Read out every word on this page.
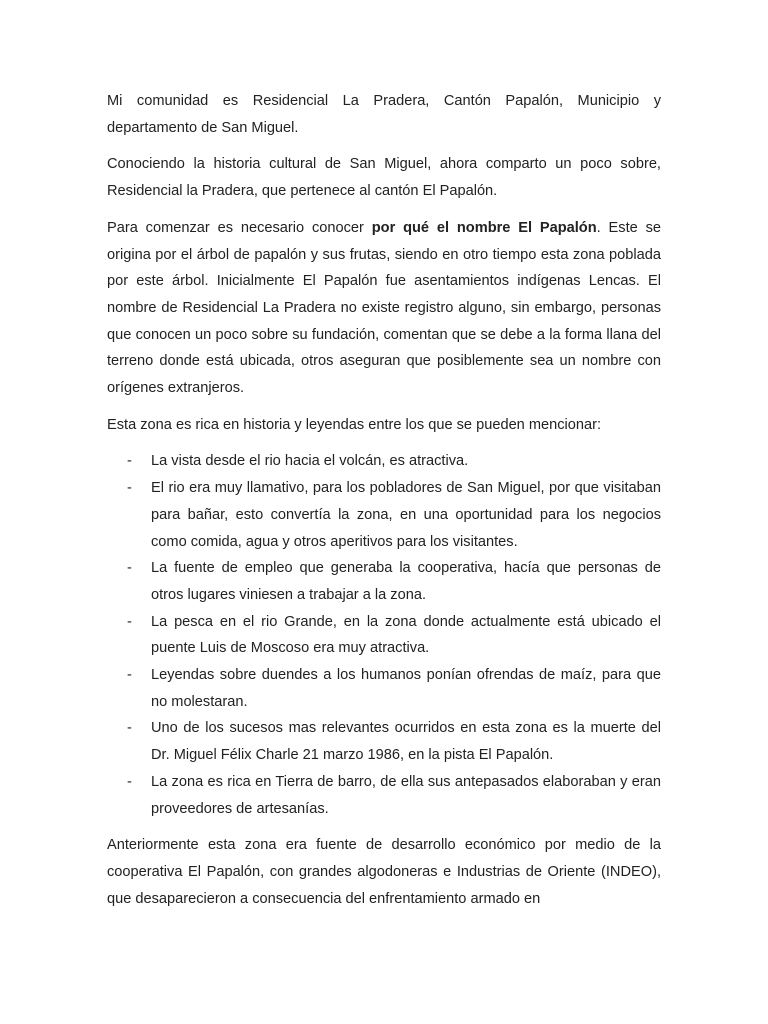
Mi comunidad es Residencial La Pradera, Cantón Papalón, Municipio y departamento de San Miguel.

Conociendo la historia cultural de San Miguel, ahora comparto un poco sobre, Residencial la Pradera, que pertenece al cantón El Papalón.

Para comenzar es necesario conocer por qué el nombre El Papalón. Este se origina por el árbol de papalón y sus frutas, siendo en otro tiempo esta zona poblada por este árbol. Inicialmente El Papalón fue asentamientos indígenas Lencas. El nombre de Residencial La Pradera no existe registro alguno, sin embargo, personas que conocen un poco sobre su fundación, comentan que se debe a la forma llana del terreno donde está ubicada, otros aseguran que posiblemente sea un nombre con orígenes extranjeros.

Esta zona es rica en historia y leyendas entre los que se pueden mencionar:

- La vista desde el rio hacia el volcán, es atractiva.
- El rio era muy llamativo, para los pobladores de San Miguel, por que visitaban para bañar, esto convertía la zona, en una oportunidad para los negocios como comida, agua y otros aperitivos para los visitantes.
- La fuente de empleo que generaba la cooperativa, hacía que personas de otros lugares viniesen a trabajar a la zona.
- La pesca en el rio Grande, en la zona donde actualmente está ubicado el puente Luis de Moscoso era muy atractiva.
- Leyendas sobre duendes a los humanos ponían ofrendas de maíz, para que no molestaran.
- Uno de los sucesos mas relevantes ocurridos en esta zona es la muerte del Dr. Miguel Félix Charle 21 marzo 1986, en la pista El Papalón.
- La zona es rica en Tierra de barro, de ella sus antepasados elaboraban y eran proveedores de artesanías.

Anteriormente esta zona era fuente de desarrollo económico por medio de la cooperativa El Papalón, con grandes algodoneras e Industrias de Oriente (INDEO), que desaparecieron a consecuencia del enfrentamiento armado en
